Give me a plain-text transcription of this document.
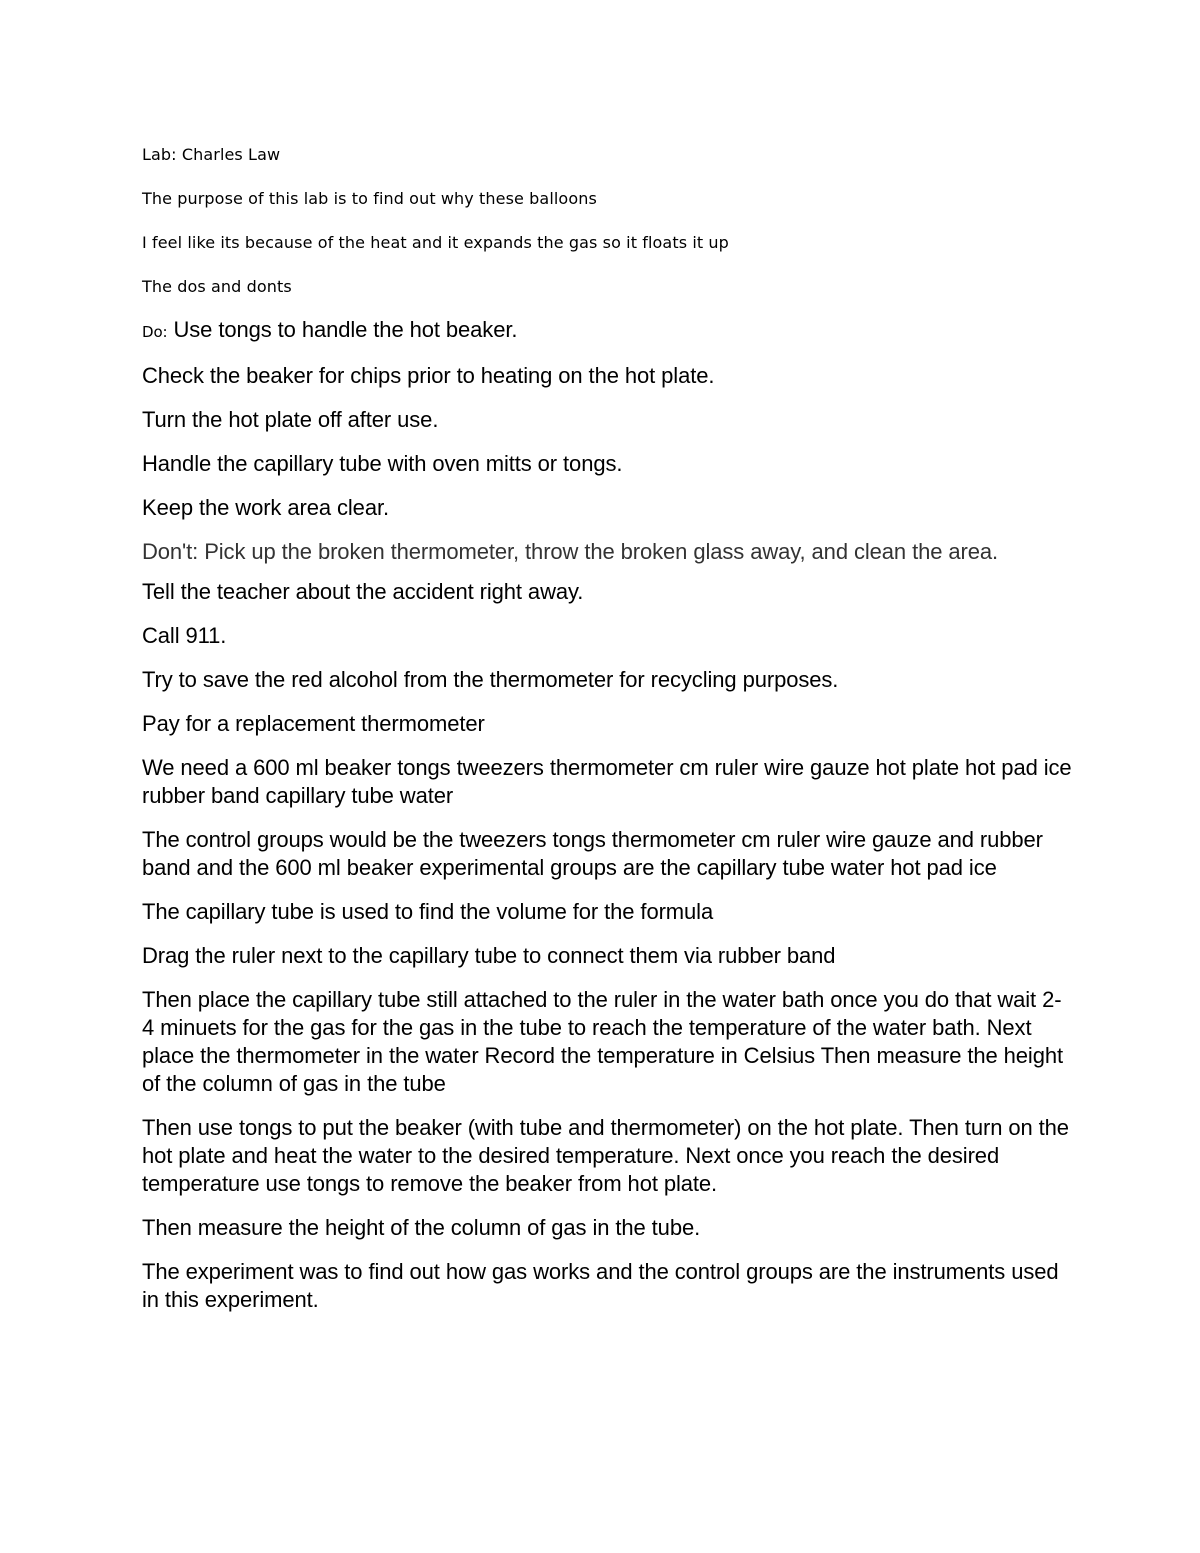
Lab: Charles Law

The purpose of this lab is to find out why these balloons

I feel like its because of the heat and it expands the gas so it floats it up

The dos and donts

Do: Use tongs to handle the hot beaker.

Check the beaker for chips prior to heating on the hot plate.

Turn the hot plate off after use.

Handle the capillary tube with oven mitts or tongs.

Keep the work area clear.

Don't: Pick up the broken thermometer, throw the broken glass away, and clean the area.

Tell the teacher about the accident right away.

Call 911.

Try to save the red alcohol from the thermometer for recycling purposes.

Pay for a replacement thermometer

We need a 600 ml beaker tongs tweezers thermometer cm ruler wire gauze hot plate hot pad ice rubber band capillary tube water

The control groups would be the tweezers tongs thermometer cm ruler wire gauze and rubber band and the 600 ml beaker experimental groups are the capillary tube water hot pad ice

The capillary tube is used to find the volume for the formula

Drag the ruler next to the capillary tube to connect them via rubber band

Then place the capillary tube still attached to the ruler in the water bath once you do that wait 2-4 minuets for the gas for the gas in the tube to reach the temperature of the water bath. Next place the thermometer in the water Record the temperature in Celsius Then measure the height of the column of gas in the tube

Then use tongs to put the beaker (with tube and thermometer) on the hot plate. Then turn on the hot plate and heat the water to the desired temperature. Next once you reach the desired temperature use tongs to remove the beaker from hot plate.

Then measure the height of the column of gas in the tube.

The experiment was to find out how gas works and the control groups are the instruments used in this experiment.
